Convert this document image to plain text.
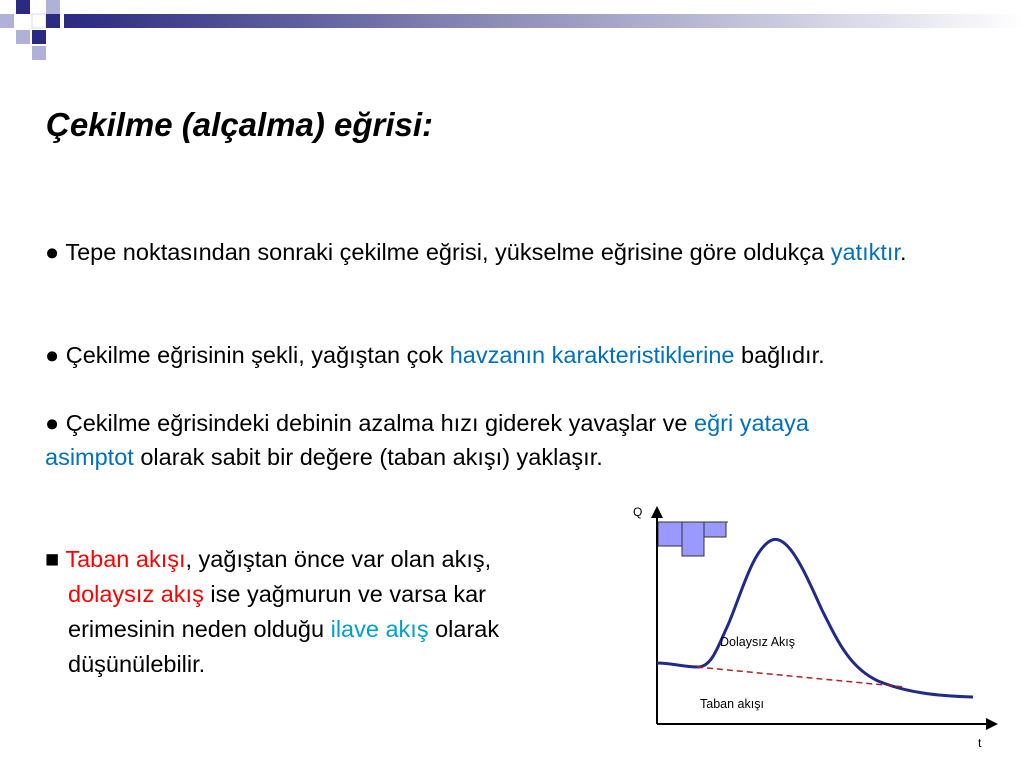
Çekilme (alçalma) eğrisi:

● Tepe noktasından sonraki çekilme eğrisi, yükselme eğrisine göre oldukça yatıktır.

● Çekilme eğrisinin şekli, yağıştan çok havzanın karakteristiklerine bağlıdır.

● Çekilme eğrisindeki debinin azalma hızı giderek yavaşlar ve eğri yataya
asimptot olarak sabit bir değere (taban akışı) yaklaşır.

■ Taban akışı, yağıştan önce var olan akış,
dolaysız akış ise yağmurun ve varsa kar
erimesinin neden olduğu ilave akış olarak
düşünülebilir.

Q
t
Dolaysız Akış
Taban akışı
